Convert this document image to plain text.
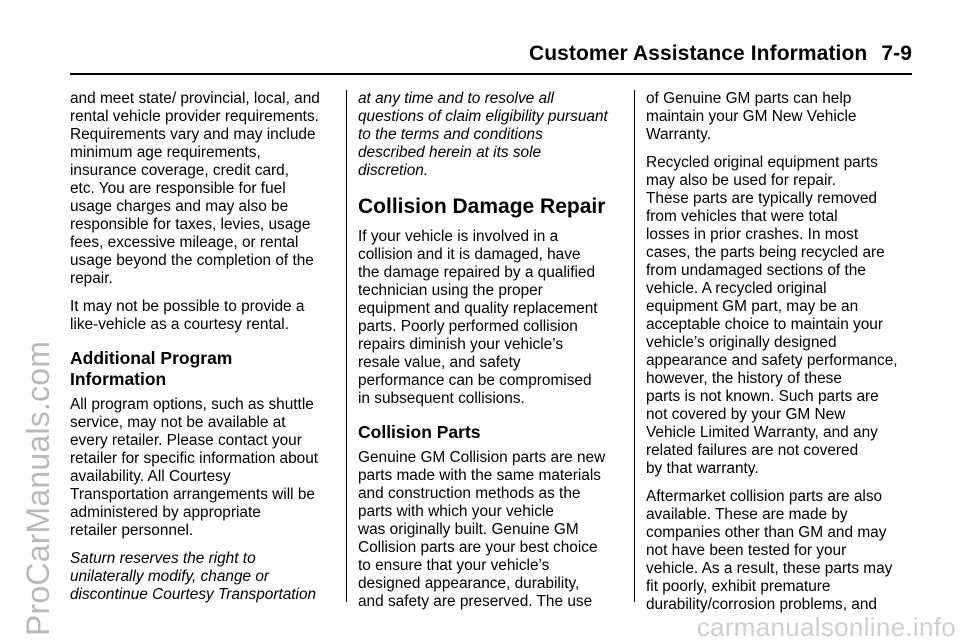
Customer Assistance Information 7-9
ProCarManuals.com	carmanualsonline.info

and meet state/ provincial, local, and
rental vehicle provider requirements.
Requirements vary and may include
minimum age requirements,
insurance coverage, credit card,
etc. You are responsible for fuel
usage charges and may also be
responsible for taxes, levies, usage
fees, excessive mileage, or rental
usage beyond the completion of the
repair.

It may not be possible to provide a
like-vehicle as a courtesy rental.

Additional Program
Information

All program options, such as shuttle
service, may not be available at
every retailer. Please contact your
retailer for specific information about
availability. All Courtesy
Transportation arrangements will be
administered by appropriate
retailer personnel.

Saturn reserves the right to
unilaterally modify, change or
discontinue Courtesy Transportation

at any time and to resolve all
questions of claim eligibility pursuant
to the terms and conditions
described herein at its sole
discretion.

Collision Damage Repair

If your vehicle is involved in a
collision and it is damaged, have
the damage repaired by a qualified
technician using the proper
equipment and quality replacement
parts. Poorly performed collision
repairs diminish your vehicle’s
resale value, and safety
performance can be compromised
in subsequent collisions.

Collision Parts

Genuine GM Collision parts are new
parts made with the same materials
and construction methods as the
parts with which your vehicle
was originally built. Genuine GM
Collision parts are your best choice
to ensure that your vehicle’s
designed appearance, durability,
and safety are preserved. The use

of Genuine GM parts can help
maintain your GM New Vehicle
Warranty.

Recycled original equipment parts
may also be used for repair.
These parts are typically removed
from vehicles that were total
losses in prior crashes. In most
cases, the parts being recycled are
from undamaged sections of the
vehicle. A recycled original
equipment GM part, may be an
acceptable choice to maintain your
vehicle’s originally designed
appearance and safety performance,
however, the history of these
parts is not known. Such parts are
not covered by your GM New
Vehicle Limited Warranty, and any
related failures are not covered
by that warranty.

Aftermarket collision parts are also
available. These are made by
companies other than GM and may
not have been tested for your
vehicle. As a result, these parts may
fit poorly, exhibit premature
durability/corrosion problems, and
